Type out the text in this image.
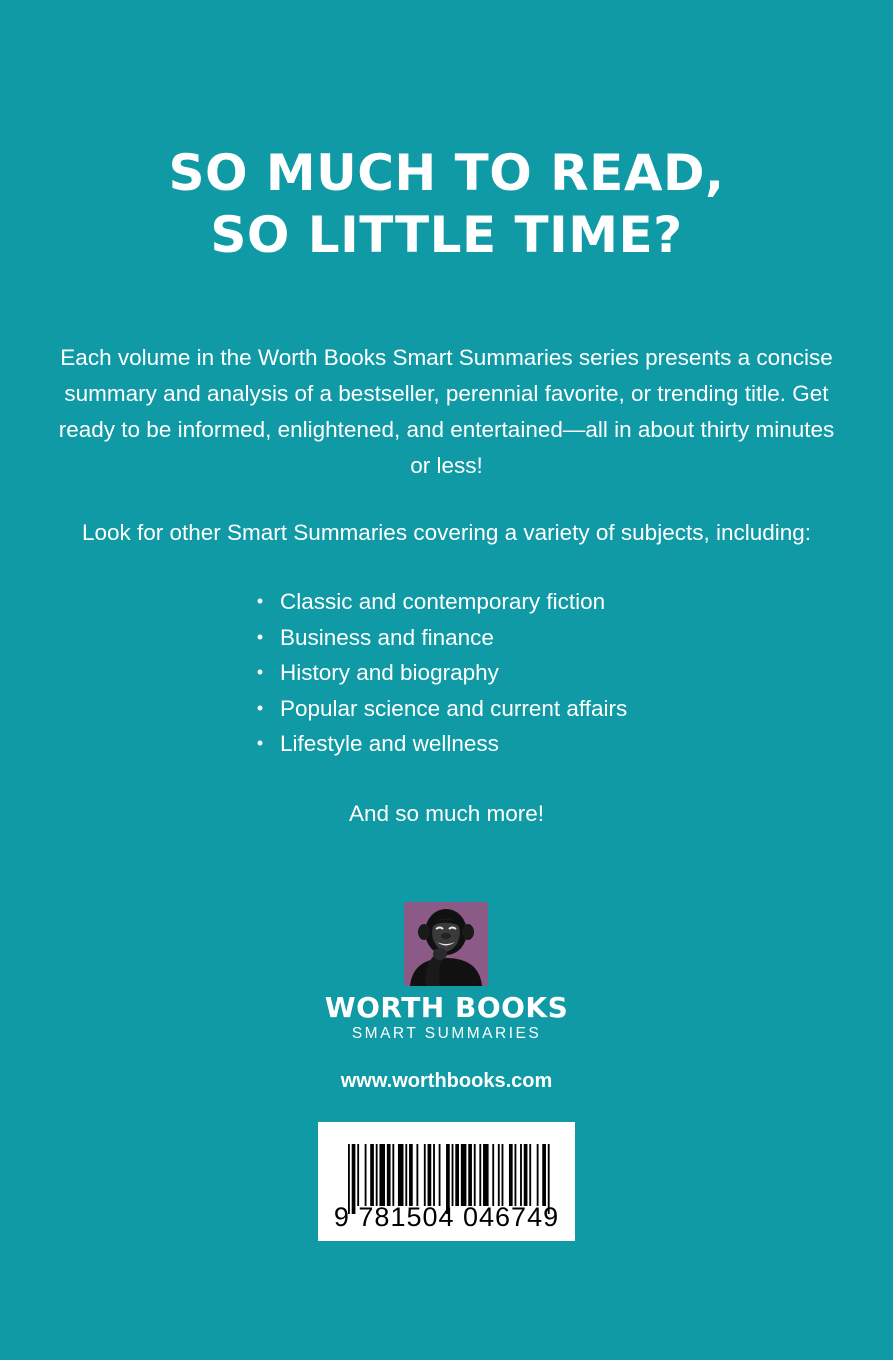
SO MUCH TO READ,
SO LITTLE TIME?
Each volume in the Worth Books Smart Summaries series presents a concise summary and analysis of a bestseller, perennial favorite, or trending title. Get ready to be informed, enlightened, and entertained—all in about thirty minutes or less!
Look for other Smart Summaries covering a variety of subjects, including:
• Classic and contemporary fiction
• Business and finance
• History and biography
• Popular science and current affairs
• Lifestyle and wellness
And so much more!
WORTH BOOKS
SMART SUMMARIES
www.worthbooks.com
9 781504 046749
